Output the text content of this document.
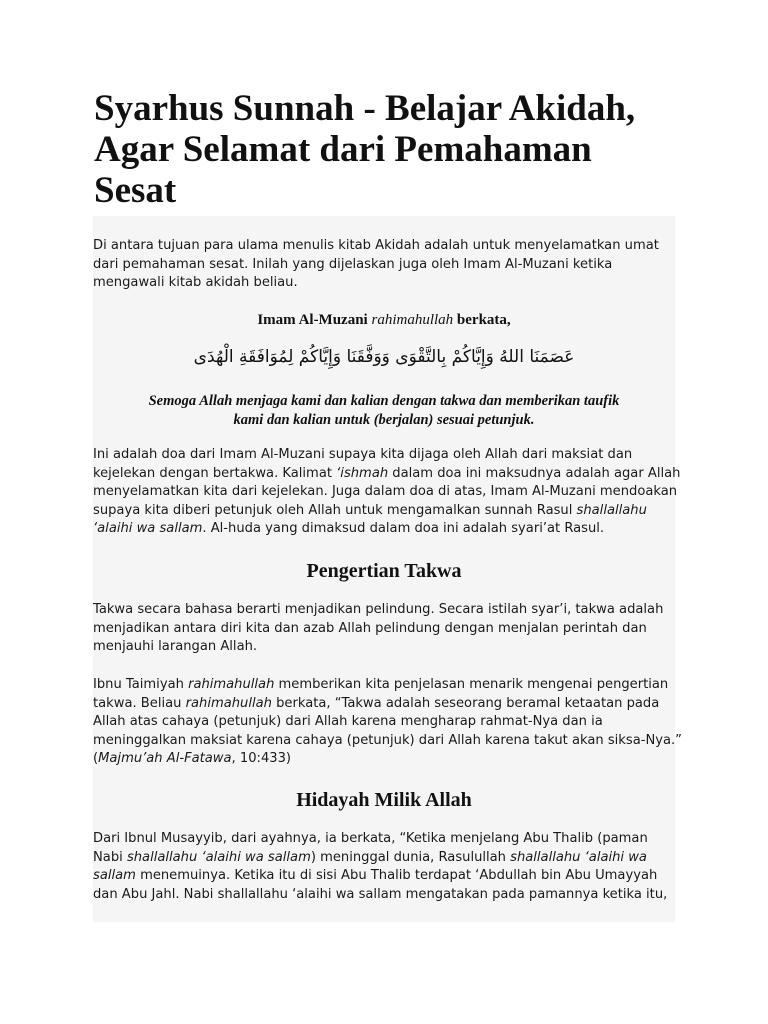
Syarhus Sunnah - Belajar Akidah, Agar Selamat dari Pemahaman Sesat

Di antara tujuan para ulama menulis kitab Akidah adalah untuk menyelamatkan umat
dari pemahaman sesat. Inilah yang dijelaskan juga oleh Imam Al-Muzani ketika
mengawali kitab akidah beliau.

Imam Al-Muzani rahimahullah berkata,

عَصَمَنَا اللهُ وَإِيَّاكُمْ بِالتَّقْوَى وَوَفَّقَنَا وَإِيَّاكُمْ لِمُوَافَقَةِ الْهُدَى

Semoga Allah menjaga kami dan kalian dengan takwa dan memberikan taufik
kami dan kalian untuk (berjalan) sesuai petunjuk.

Ini adalah doa dari Imam Al-Muzani supaya kita dijaga oleh Allah dari maksiat dan
kejelekan dengan bertakwa. Kalimat ‘ishmah dalam doa ini maksudnya adalah agar Allah
menyelamatkan kita dari kejelekan. Juga dalam doa di atas, Imam Al-Muzani mendoakan
supaya kita diberi petunjuk oleh Allah untuk mengamalkan sunnah Rasul shallallahu
‘alaihi wa sallam. Al-huda yang dimaksud dalam doa ini adalah syari’at Rasul.

Pengertian Takwa

Takwa secara bahasa berarti menjadikan pelindung. Secara istilah syar’i, takwa adalah
menjadikan antara diri kita dan azab Allah pelindung dengan menjalan perintah dan
menjauhi larangan Allah.

Ibnu Taimiyah rahimahullah memberikan kita penjelasan menarik mengenai pengertian
takwa. Beliau rahimahullah berkata, “Takwa adalah seseorang beramal ketaatan pada
Allah atas cahaya (petunjuk) dari Allah karena mengharap rahmat-Nya dan ia
meninggalkan maksiat karena cahaya (petunjuk) dari Allah karena takut akan siksa-Nya.”
(Majmu’ah Al-Fatawa, 10:433)

Hidayah Milik Allah

Dari Ibnul Musayyib, dari ayahnya, ia berkata, “Ketika menjelang Abu Thalib (paman
Nabi shallallahu ‘alaihi wa sallam) meninggal dunia, Rasulullah shallallahu ‘alaihi wa
sallam menemuinya. Ketika itu di sisi Abu Thalib terdapat ‘Abdullah bin Abu Umayyah
dan Abu Jahl. Nabi shallallahu ‘alaihi wa sallam mengatakan pada pamannya ketika itu,
